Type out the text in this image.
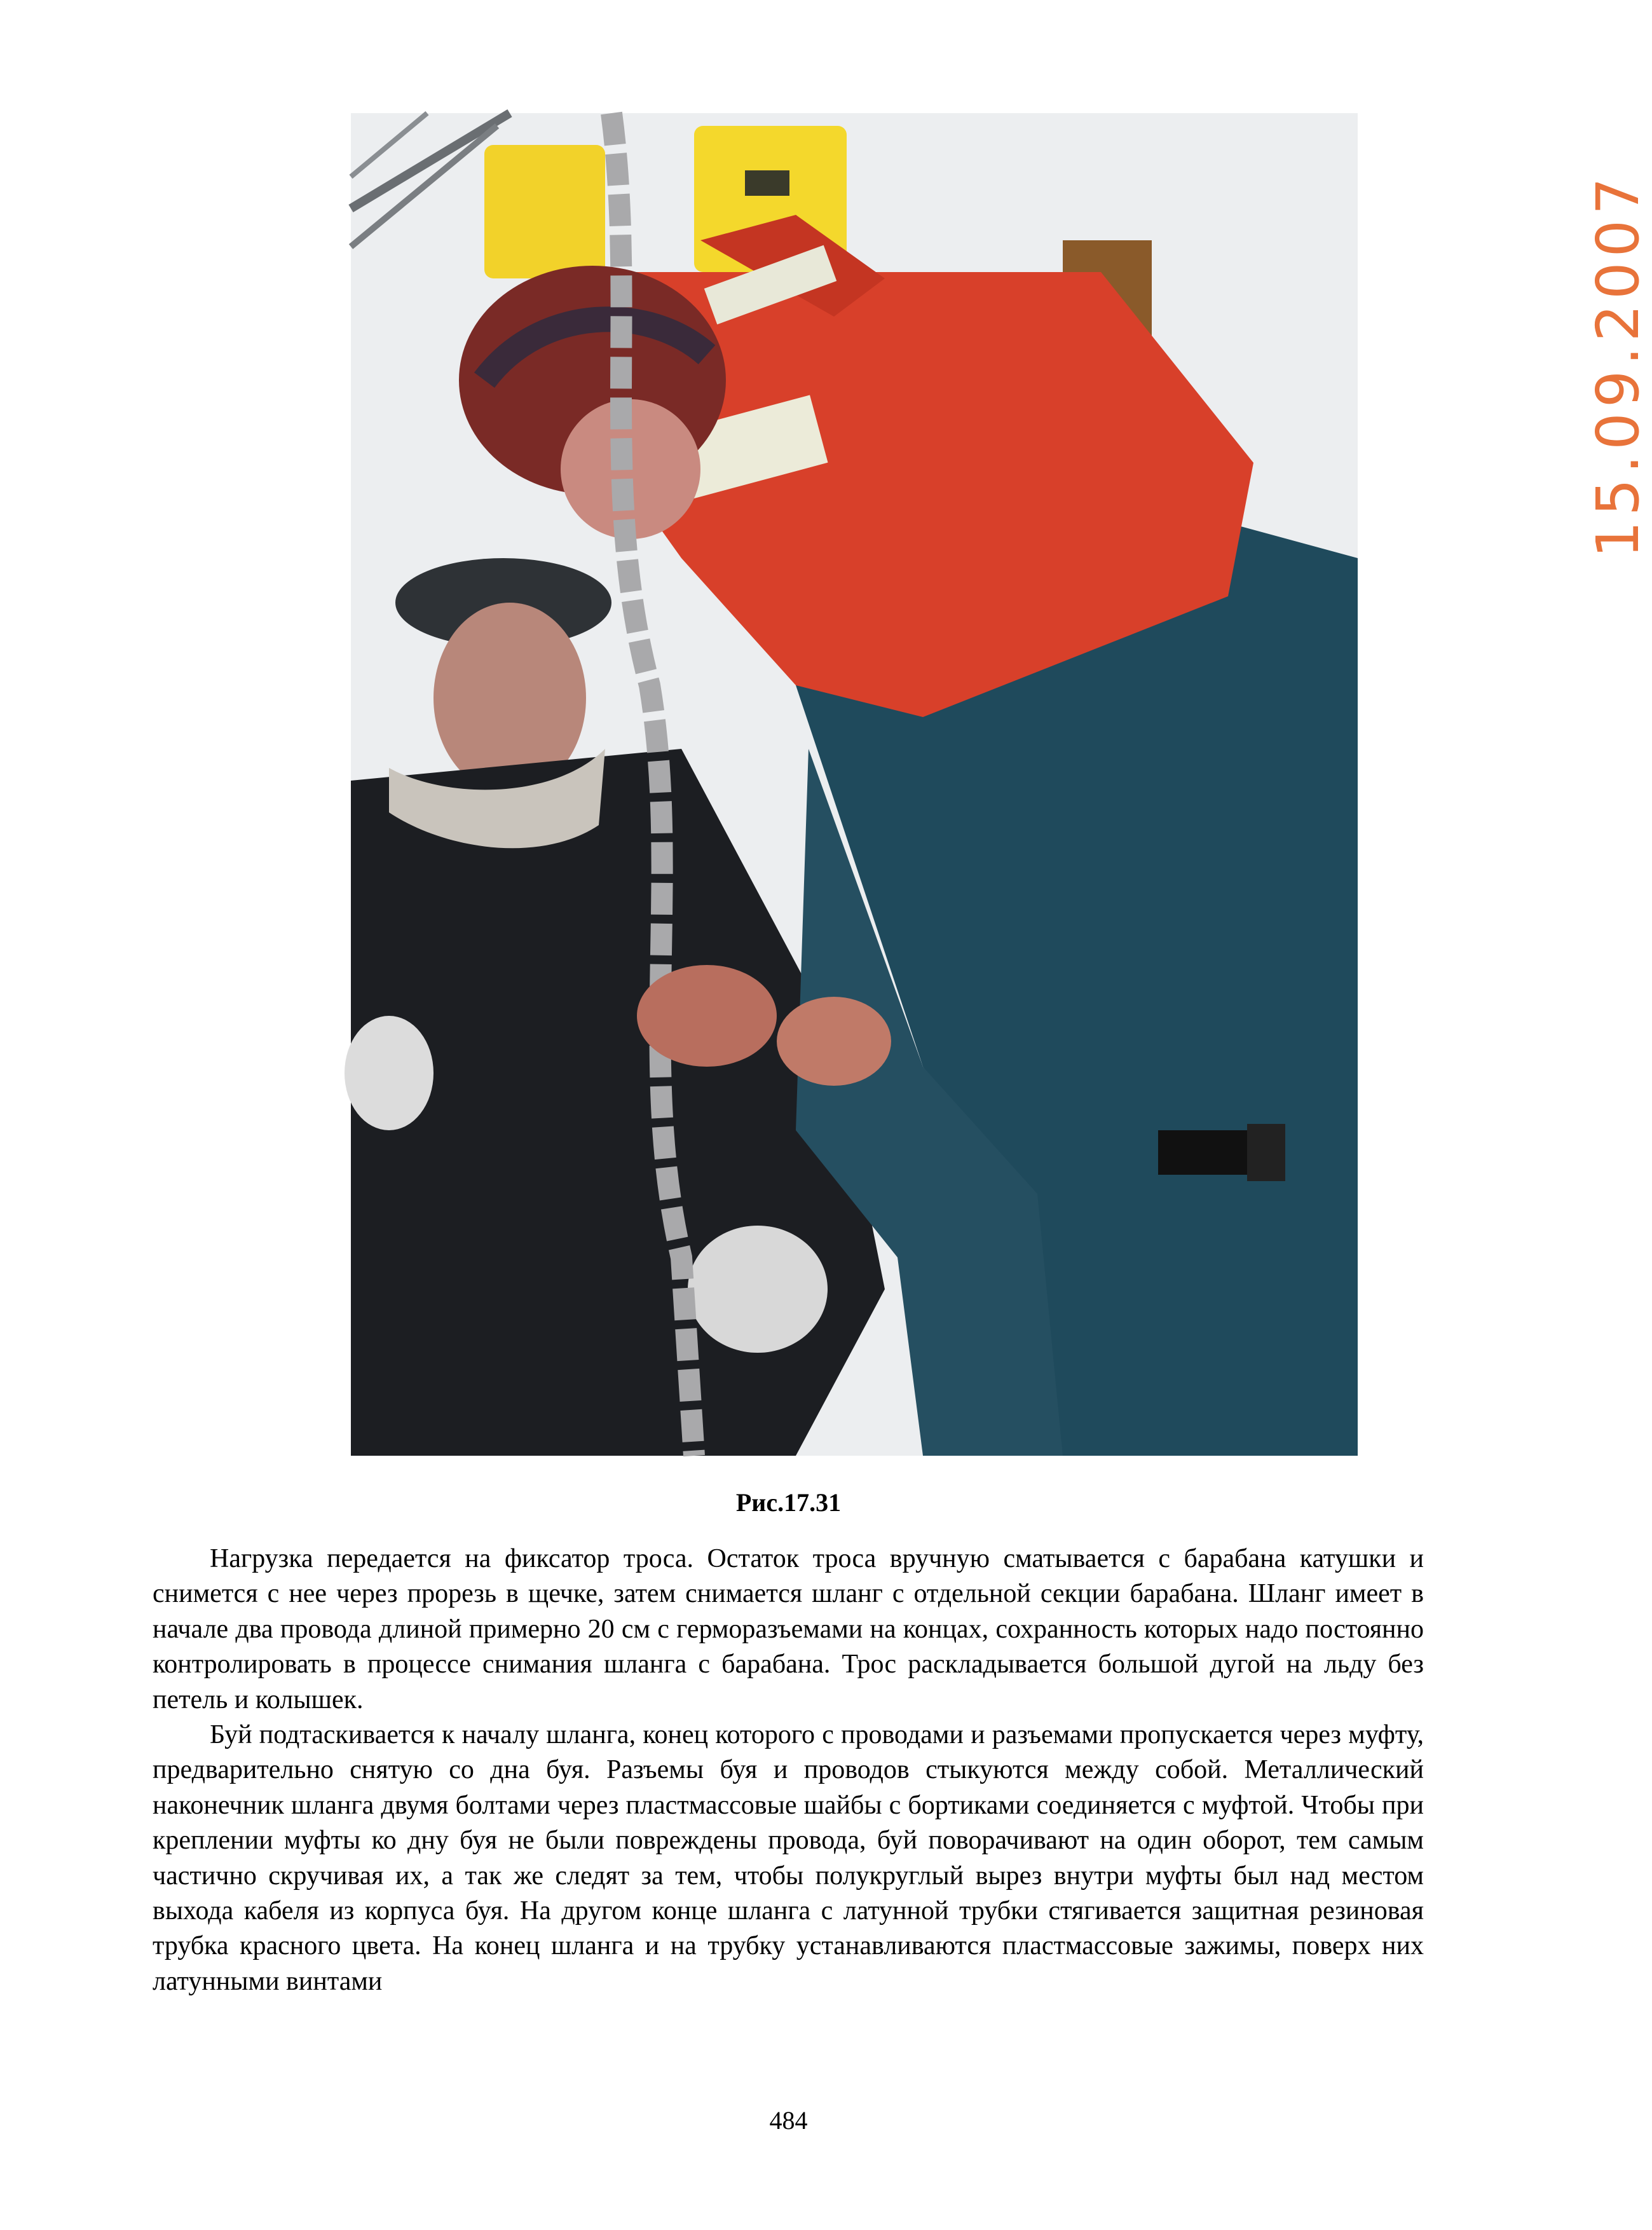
15.09.2007
Рис.17.31

Нагрузка передается на фиксатор троса. Остаток троса вручную сматывается с барабана катушки и снимется с нее через прорезь в щечке, затем снимается шланг с отдельной секции барабана. Шланг имеет в начале два провода длиной примерно 20 см с герморазъемами на концах, сохранность которых надо постоянно контролировать в процессе снимания шланга с барабана. Трос раскладывается большой дугой на льду без петель и колышек.

Буй подтаскивается к началу шланга, конец которого с проводами и разъемами пропускается через муфту, предварительно снятую со дна буя. Разъемы буя и проводов стыкуются между собой. Металлический наконечник шланга двумя болтами через пластмассовые шайбы с бортиками соединяется с муфтой. Чтобы при креплении муфты ко дну буя не были повреждены провода, буй поворачивают на один оборот, тем самым частично скручивая их, а так же следят за тем, чтобы полукруглый вырез внутри муфты был над местом выхода кабеля из корпуса буя. На другом конце шланга с латунной трубки стягивается защитная резиновая трубка красного цвета. На конец шланга и на трубку устанавливаются пластмассовые зажимы, поверх них латунными винтами

484
